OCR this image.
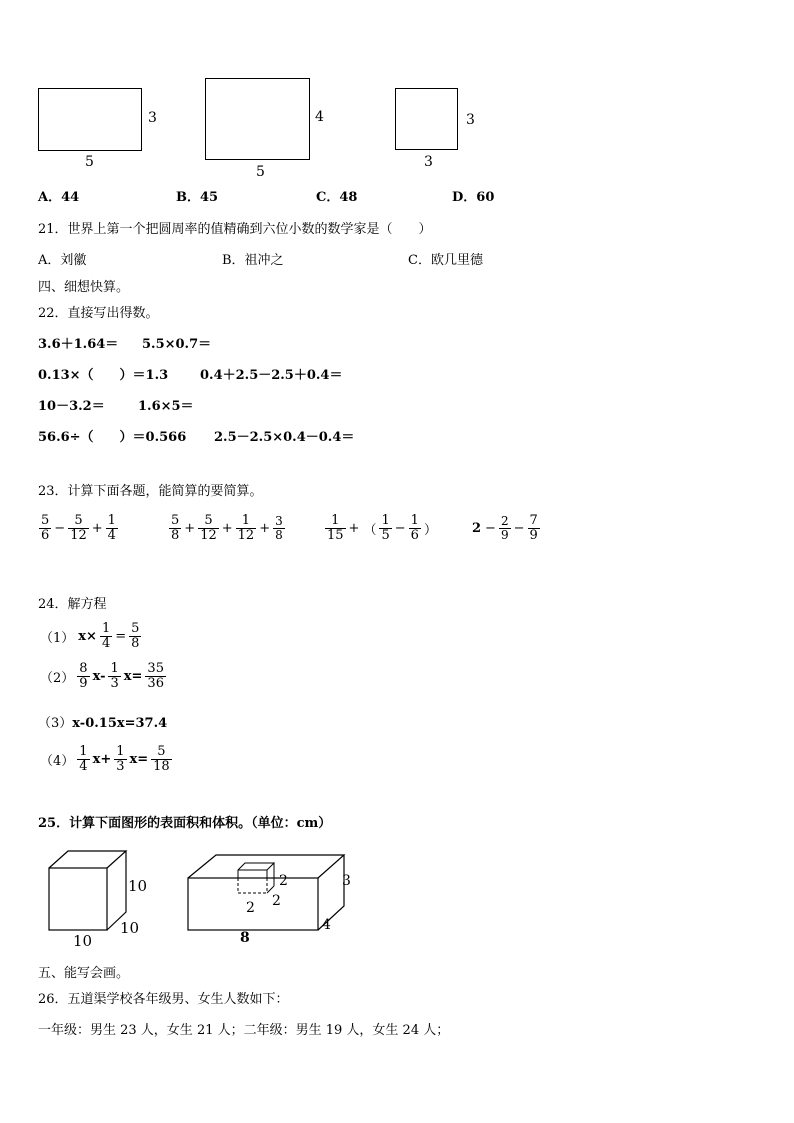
3
5
4
5
3
3
A．44	B．45	C．48	D．60
21．世界上第一个把圆周率的值精确到六位小数的数学家是（　　）
A．刘徽	B．祖冲之	C．欧几里德
四、细想快算。
22．直接写出得数。
3.6＋1.64＝ 5.5×0.7＝
0.13×（　　）＝1.3 0.4＋2.5－2.5＋0.4＝
10－3.2＝	1.6×5＝
56.6÷（　　）＝0.566 2.5－2.5×0.4－0.4＝
23．计算下面各题，能简算的要简算。
$\frac{5}{6} - \frac{5}{12} + \frac{1}{4}$	$\frac{5}{8} + \frac{5}{12} + \frac{1}{12} + \frac{3}{8}$	$\frac{1}{15}$ + （ $\frac{1}{5} - \frac{1}{6}$ ）	$2 - \frac{2}{9} - \frac{7}{9}$
24．解方程
（1） $x\times \frac{1}{4} = \frac{5}{8}$
$(2) \frac{8}{9} x- \frac{1}{3} x= \frac{35}{36}$
（3）x-0.15x=37.4
$(4) \frac{1}{4} x+ \frac{1}{3} x= \frac{5}{18}$
25．计算下面图形的表面积和体积。（单位：cm）
10
10
10
3
4
8
2
2
2
五、能写会画。
26．五道渠学校各年级男、女生人数如下：
一年级：男生 23 人，女生 21 人；二年级：男生 19 人，女生 24 人；
